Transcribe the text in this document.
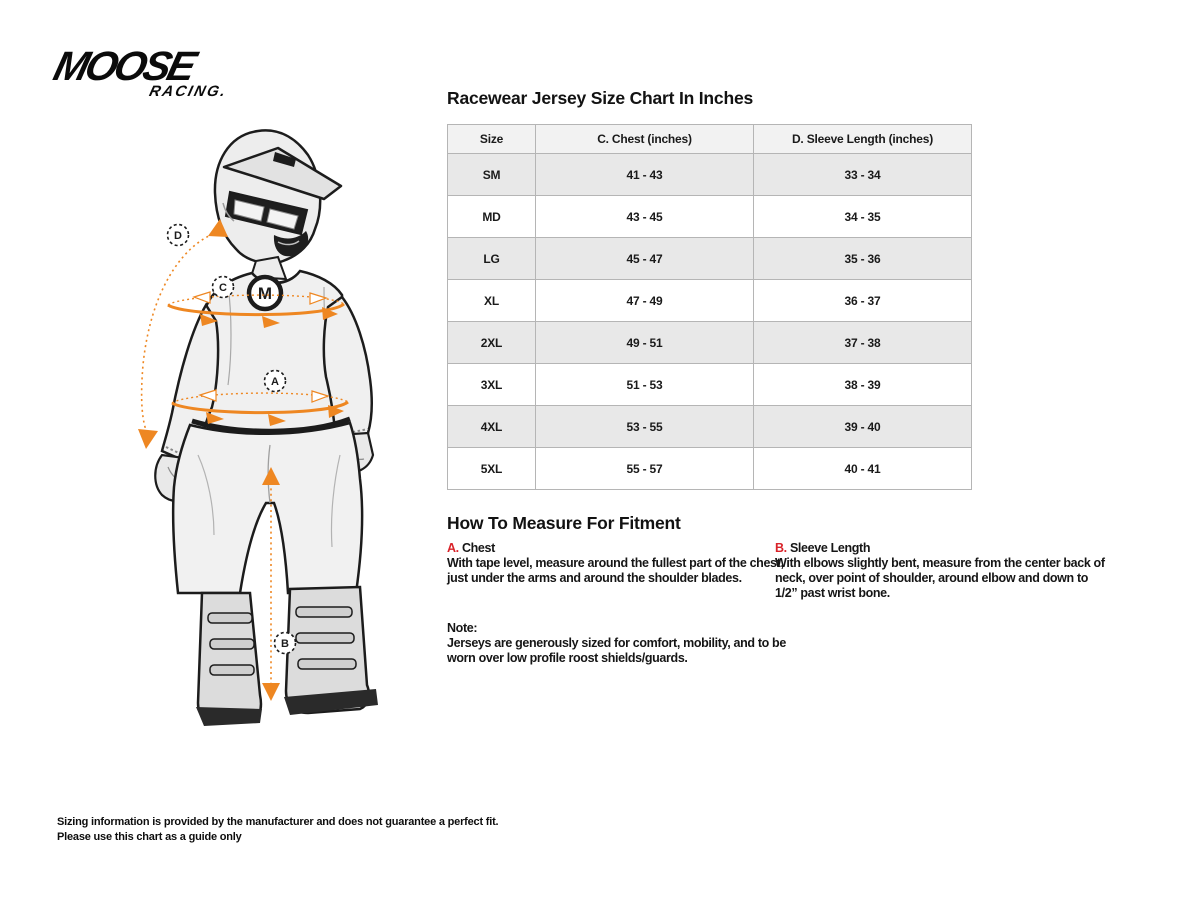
MOOSE
RACING.
M
D
C
A
B
Racewear Jersey Size Chart In Inches
Size	C. Chest (inches)	D. Sleeve Length (inches)
SM	41 - 43	33 - 34
MD	43 - 45	34 - 35
LG	45 - 47	35 - 36
XL	47 - 49	36 - 37
2XL	49 - 51	37 - 38
3XL	51 - 53	38 - 39
4XL	53 - 55	39 - 40
5XL	55 - 57	40 - 41
How To Measure For Fitment
A. Chest
With tape level, measure around the fullest part of the chest, just under the arms and around the shoulder blades.
B. Sleeve Length
With elbows slightly bent, measure from the center back of neck, over point of shoulder, around elbow and down to 1/2” past wrist bone.
Note:
Jerseys are generously sized for comfort, mobility, and to be worn over low profile roost shields/guards.
Sizing information is provided by the manufacturer and does not guarantee a perfect fit.
Please use this chart as a guide only
